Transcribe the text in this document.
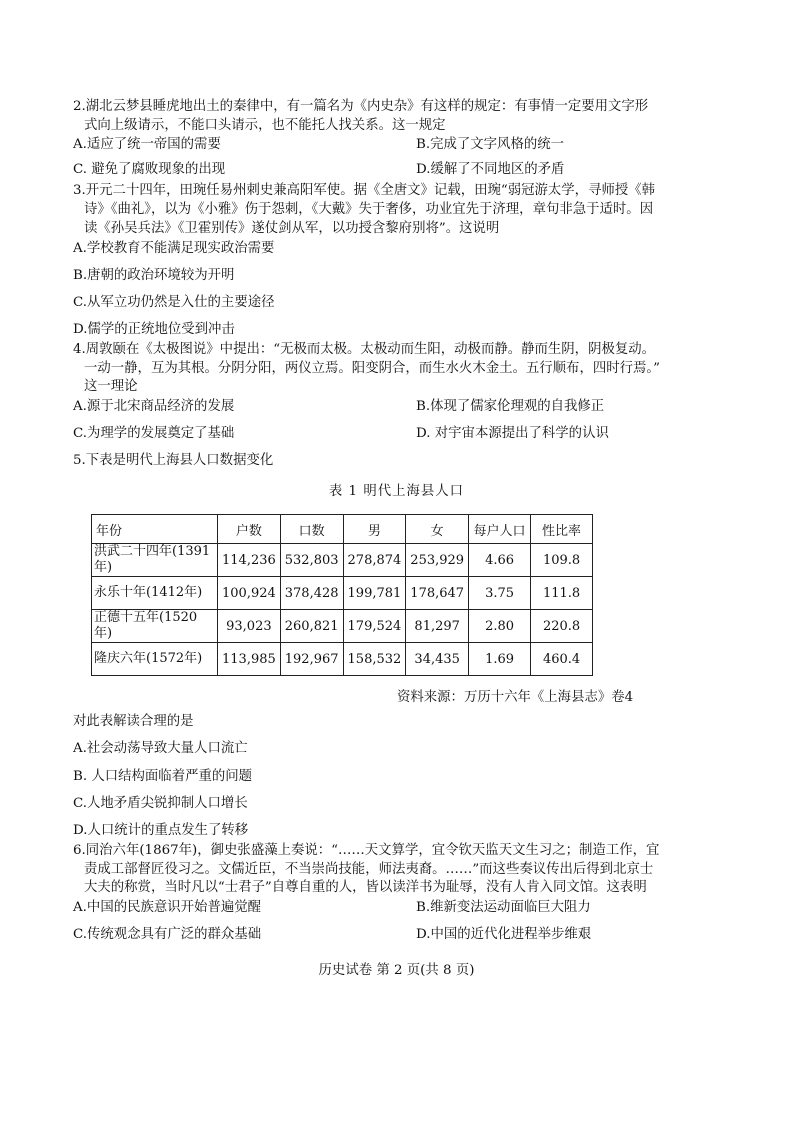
2.湖北云梦县睡虎地出土的秦律中，有一篇名为《内史杂》有这样的规定：有事情一定要用文字形
式向上级请示，不能口头请示，也不能托人找关系。这一规定
A.适应了统一帝国的需要	B.完成了文字风格的统一
C. 避免了腐败现象的出现	D.缓解了不同地区的矛盾
3.开元二十四年，田琬任易州刺史兼高阳军使。据《全唐文》记载，田琬“弱冠游太学，寻师授《韩
诗》《曲礼》，以为《小雅》伤于怨刺，《大戴》失于奢侈，功业宜先于济理，章句非急于适时。因
读《孙吴兵法》《卫霍别传》遂仗剑从军，以功授含黎府别将”。这说明
A.学校教育不能满足现实政治需要
B.唐朝的政治环境较为开明
C.从军立功仍然是入仕的主要途径
D.儒学的正统地位受到冲击
4.周敦颐在《太极图说》中提出：“无极而太极。太极动而生阳，动极而静。静而生阴，阴极复动。
一动一静，互为其根。分阴分阳，两仪立焉。阳变阴合，而生水火木金土。五行顺布，四时行焉。”
这一理论
A.源于北宋商品经济的发展	B.体现了儒家伦理观的自我修正
C.为理学的发展奠定了基础	D. 对宇宙本源提出了科学的认识
5.下表是明代上海县人口数据变化
表 1 明代上海县人口
年份	户数	口数	男	女	每户人口	性比率
洪武二十四年(1391年)	114,236	532,803	278,874	253,929	4.66	109.8
永乐十年(1412年)	100,924	378,428	199,781	178,647	3.75	111.8
正德十五年(1520年)	93,023	260,821	179,524	81,297	2.80	220.8
隆庆六年(1572年)	113,985	192,967	158,532	34,435	1.69	460.4
资料来源：万历十六年《上海县志》卷4
对此表解读合理的是
A.社会动荡导致大量人口流亡
B. 人口结构面临着严重的问题
C.人地矛盾尖锐抑制人口增长
D.人口统计的重点发生了转移
6.同治六年(1867年)，御史张盛藻上奏说：“……天文算学，宜令钦天监天文生习之；制造工作，宜
责成工部督匠役习之。文儒近臣，不当崇尚技能，师法夷裔。……”而这些奏议传出后得到北京士
大夫的称赏，当时凡以“士君子”自尊自重的人，皆以读洋书为耻辱，没有人肯入同文馆。这表明
A.中国的民族意识开始普遍觉醒	B.维新变法运动面临巨大阻力
C.传统观念具有广泛的群众基础	D.中国的近代化进程举步维艰
历史试卷 第 2 页(共 8 页)
